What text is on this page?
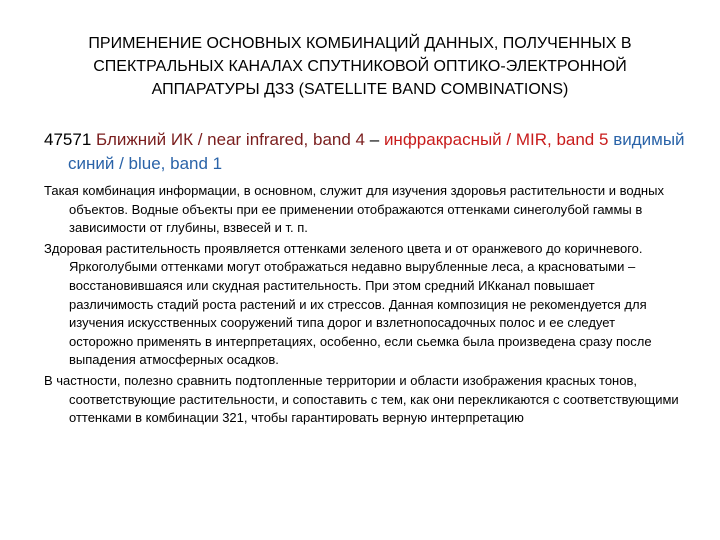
ПРИМЕНЕНИЕ ОСНОВНЫХ КОМБИНАЦИЙ ДАННЫХ, ПОЛУЧЕННЫХ В
СПЕКТРАЛЬНЫХ КАНАЛАХ СПУТНИКОВОЙ ОПТИКО-ЭЛЕКТРОННОЙ
АППАРАТУРЫ ДЗЗ (SATELLITE BAND COMBINATIONS)
47571 Ближний ИК / near infrared, band 4 – инфракрасный / MIR, band 5 видимый синий / blue, band 1

Такая комбинация информации, в основном, служит для изучения здоровья растительности и водных объектов. Водные объекты при ее применении отображаются оттенками синеголубой гаммы в зависимости от глубины, взвесей и т. п.

Здоровая растительность проявляется оттенками зеленого цвета и от оранжевого до коричневого. Яркоголубыми оттенками могут отображаться недавно вырубленные леса, а красноватыми – восстановившаяся или скудная растительность. При этом средний ИКканал повышает различимость стадий роста растений и их стрессов. Данная композиция не рекомендуется для изучения искусственных сооружений типа дорог и взлетнопосадочных полос и ее следует осторожно применять в интерпретациях, особенно, если сьемка была произведена сразу после выпадения атмосферных осадков.

В частности, полезно сравнить подтопленные территории и области изображения красных тонов, соответствующие растительности, и сопоставить с тем, как они перекликаются с соответствующими оттенками в комбинации 321, чтобы гарантировать верную интерпретацию
